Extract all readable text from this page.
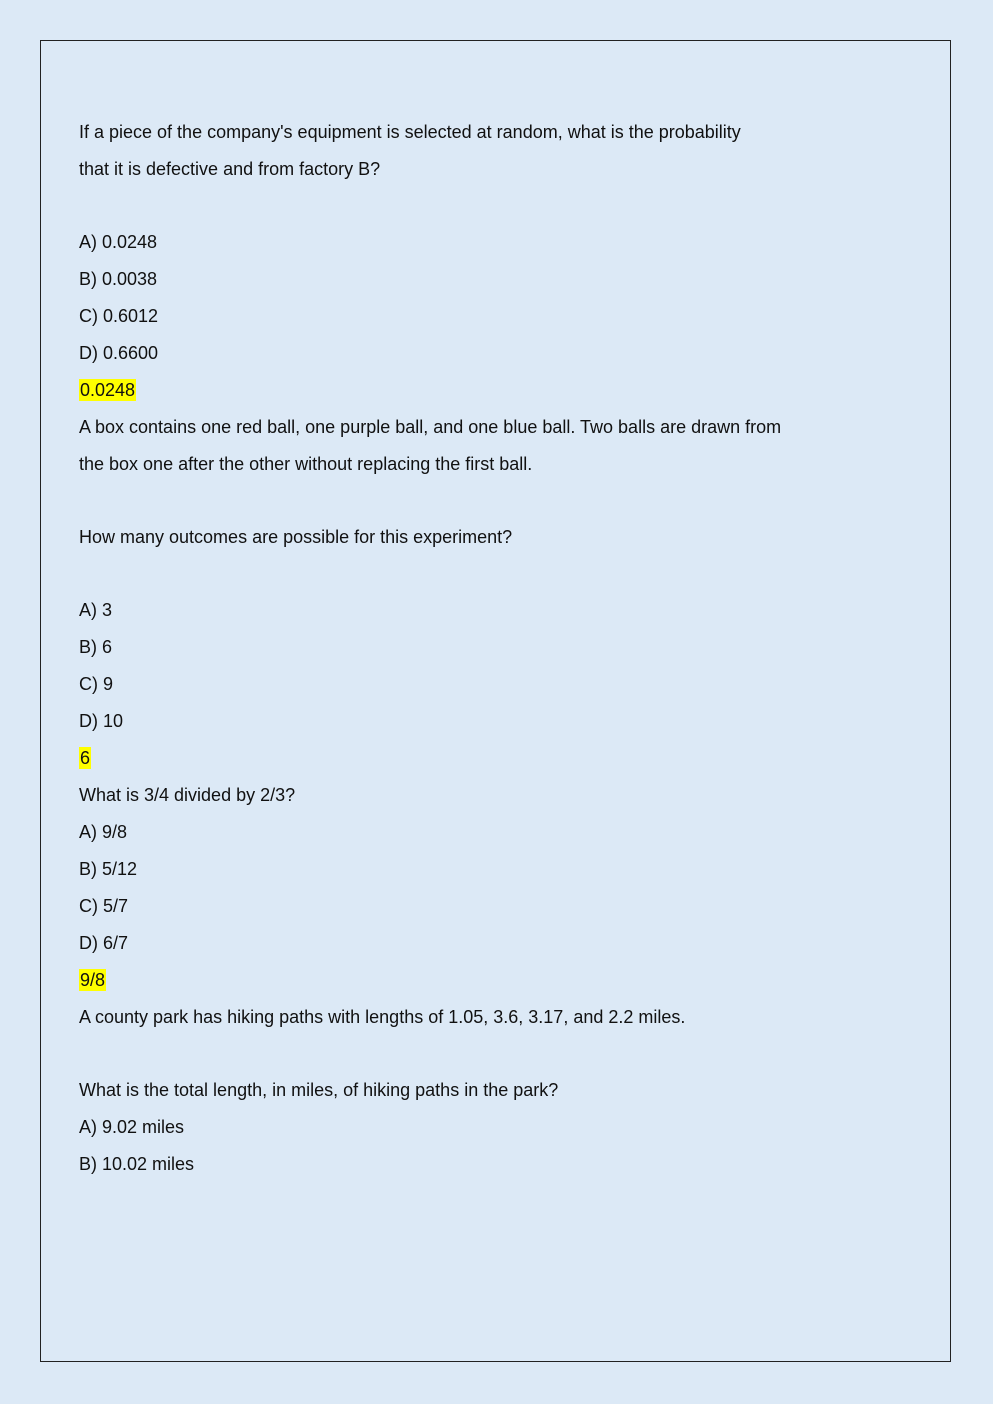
If a piece of the company's equipment is selected at random, what is the probability

that it is defective and from factory B?

A) 0.0248

B) 0.0038

C) 0.6012

D) 0.6600

0.0248

A box contains one red ball, one purple ball, and one blue ball. Two balls are drawn from

the box one after the other without replacing the first ball.

How many outcomes are possible for this experiment?

A) 3

B) 6

C) 9

D) 10

6

What is 3/4 divided by 2/3?

A) 9/8

B) 5/12

C) 5/7

D) 6/7

9/8

A county park has hiking paths with lengths of 1.05, 3.6, 3.17, and 2.2 miles.

What is the total length, in miles, of hiking paths in the park?

A) 9.02 miles

B) 10.02 miles
